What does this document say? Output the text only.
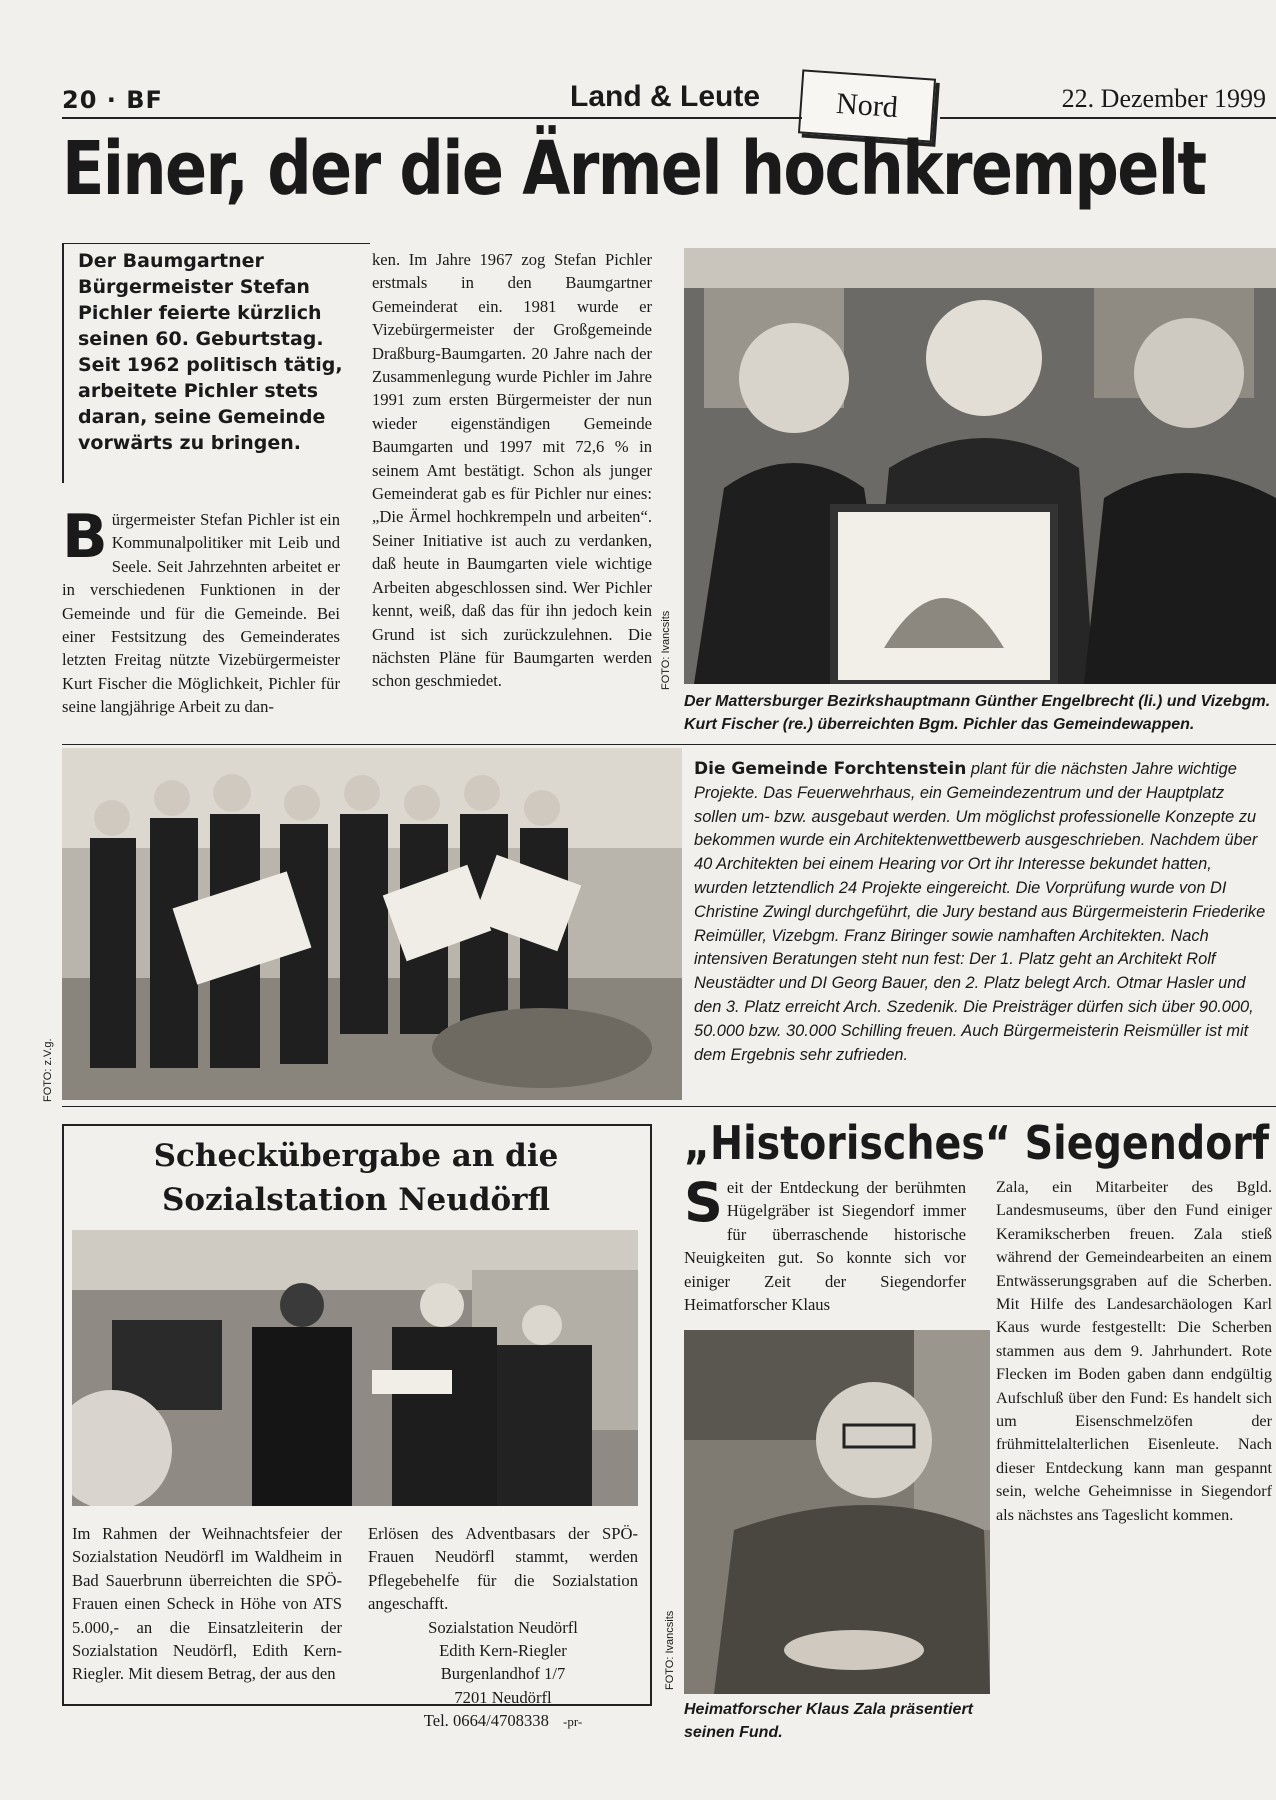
20 · BF	Land & Leute	Nord	22. Dezember 1999
Einer, der die Ärmel hochkrempelt
Der Baumgartner Bürgermeister Stefan Pichler feierte kürzlich seinen 60. Geburtstag. Seit 1962 politisch tätig, arbeitete Pichler stets daran, seine Gemeinde vorwärts zu bringen.
Bürgermeister Stefan Pichler ist ein Kommunalpolitiker mit Leib und Seele. Seit Jahrzehnten arbeitet er in verschiedenen Funktionen in der Gemeinde und für die Gemeinde. Bei einer Festsitzung des Gemeinderates letzten Freitag nützte Vizebürgermeister Kurt Fischer die Möglichkeit, Pichler für seine langjährige Arbeit zu dan-
ken. Im Jahre 1967 zog Stefan Pichler erstmals in den Baumgartner Gemeinderat ein. 1981 wurde er Vizebürgermeister der Großgemeinde Draßburg-Baumgarten. 20 Jahre nach der Zusammenlegung wurde Pichler im Jahre 1991 zum ersten Bürgermeister der nun wieder eigenständigen Gemeinde Baumgarten und 1997 mit 72,6 % in seinem Amt bestätigt. Schon als junger Gemeinderat gab es für Pichler nur eines: „Die Ärmel hochkrempeln und arbeiten“. Seiner Initiative ist auch zu verdanken, daß heute in Baumgarten viele wichtige Arbeiten abgeschlossen sind. Wer Pichler kennt, weiß, daß das für ihn jedoch kein Grund ist sich zurückzulehnen. Die nächsten Pläne für Baumgarten werden schon geschmiedet.	FOTO: Ivancsits
Der Mattersburger Bezirkshauptmann Günther Engelbrecht (li.) und Vizebgm. Kurt Fischer (re.) überreichten Bgm. Pichler das Gemeindewappen.
FOTO: z.V.g.
Die Gemeinde Forchtenstein plant für die nächsten Jahre wichtige Projekte. Das Feuerwehrhaus, ein Gemeindezentrum und der Hauptplatz sollen um- bzw. ausgebaut werden. Um möglichst professionelle Konzepte zu bekommen wurde ein Architektenwettbewerb ausgeschrieben. Nachdem über 40 Architekten bei einem Hearing vor Ort ihr Interesse bekundet hatten, wurden letztendlich 24 Projekte eingereicht. Die Vorprüfung wurde von DI Christine Zwingl durchgeführt, die Jury bestand aus Bürgermeisterin Friederike Reimüller, Vizebgm. Franz Biringer sowie namhaften Architekten. Nach intensiven Beratungen steht nun fest: Der 1. Platz geht an Architekt Rolf Neustädter und DI Georg Bauer, den 2. Platz belegt Arch. Otmar Hasler und den 3. Platz erreicht Arch. Szedenik. Die Preisträger dürfen sich über 90.000, 50.000 bzw. 30.000 Schilling freuen. Auch Bürgermeisterin Reismüller ist mit dem Ergebnis sehr zufrieden.
Scheckübergabe an die
Sozialstation Neudörfl
Im Rahmen der Weihnachtsfeier der Sozialstation Neudörfl im Waldheim in Bad Sauerbrunn überreichten die SPÖ-Frauen einen Scheck in Höhe von ATS 5.000,- an die Einsatzleiterin der Sozialstation Neudörfl, Edith Kern-Riegler. Mit diesem Betrag, der aus den
Erlösen des Adventbasars der SPÖ-Frauen Neudörfl stammt, werden Pflegebehelfe für die Sozialstation angeschafft.
Sozialstation Neudörfl
Edith Kern-Riegler
Burgenlandhof 1/7
7201 Neudörfl
Tel. 0664/4708338 -pr-
„Historisches“ Siegendorf
Seit der Entdeckung der berühmten Hügelgräber ist Siegendorf immer für überraschende historische Neuigkeiten gut. So konnte sich vor einiger Zeit der Siegendorfer Heimatforscher Klaus
Zala, ein Mitarbeiter des Bgld. Landesmuseums, über den Fund einiger Keramikscherben freuen. Zala stieß während der Gemeindearbeiten an einem Entwässerungsgraben auf die Scherben. Mit Hilfe des Landesarchäologen Karl Kaus wurde festgestellt: Die Scherben stammen aus dem 9. Jahrhundert. Rote Flecken im Boden gaben dann endgültig Aufschluß über den Fund: Es handelt sich um Eisenschmelzöfen der frühmittelalterlichen Eisenleute. Nach dieser Entdeckung kann man gespannt sein, welche Geheimnisse in Siegendorf als nächstes ans Tageslicht kommen.
FOTO: Ivancsits
Heimatforscher Klaus Zala präsentiert seinen Fund.
